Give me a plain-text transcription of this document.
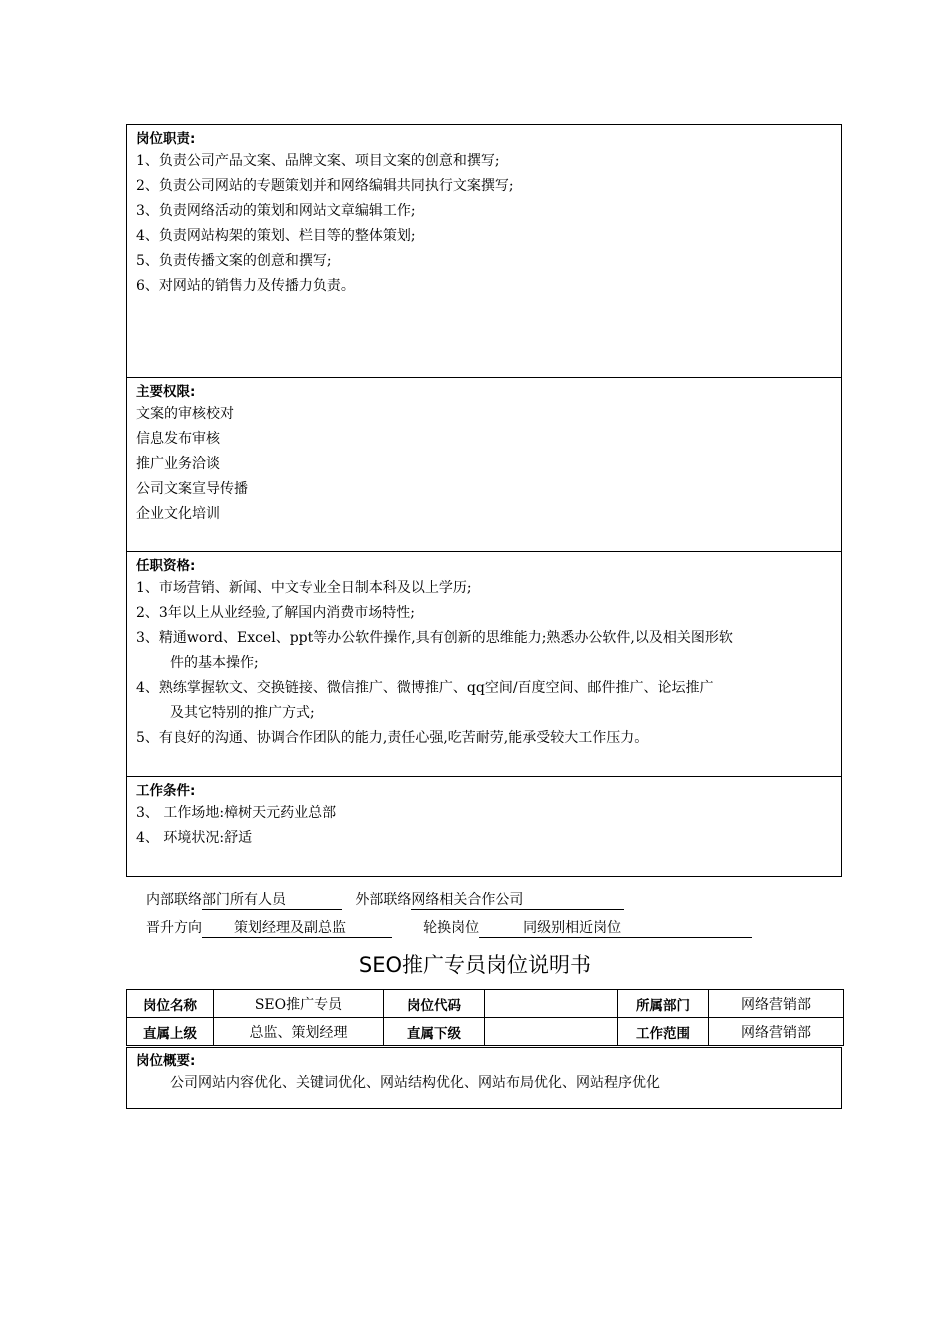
岗位职责:
1、负责公司产品文案、品牌文案、项目文案的创意和撰写;
2、负责公司网站的专题策划并和网络编辑共同执行文案撰写;
3、负责网络活动的策划和网站文章编辑工作;
4、负责网站构架的策划、栏目等的整体策划;
5、负责传播文案的创意和撰写;
6、对网站的销售力及传播力负责。
主要权限:
文案的审核校对
信息发布审核
推广业务洽谈
公司文案宣导传播
企业文化培训
任职资格:
1、市场营销、新闻、中文专业全日制本科及以上学历;
2、3年以上从业经验,了解国内消费市场特性;
3、精通word、Excel、ppt等办公软件操作,具有创新的思维能力;熟悉办公软件,以及相关图形软
件的基本操作;
4、熟练掌握软文、交换链接、微信推广、微博推广、qq空间/百度空间、邮件推广、论坛推广
及其它特别的推广方式;
5、有良好的沟通、协调合作团队的能力,责任心强,吃苦耐劳,能承受较大工作压力。
工作条件:
3、 工作场地:樟树天元药业总部
4、 环境状况:舒适
内部联络部门所有人员	外部联络网络相关合作公司
晋升方向 策划经理及副总监	轮换岗位	同级别相近岗位
SEO推广专员岗位说明书
岗位名称	SEO推广专员	岗位代码		所属部门	网络营销部
直属上级	总监、策划经理	直属下级		工作范围	网络营销部
岗位概要:
公司网站内容优化、关键词优化、网站结构优化、网站布局优化、网站程序优化
